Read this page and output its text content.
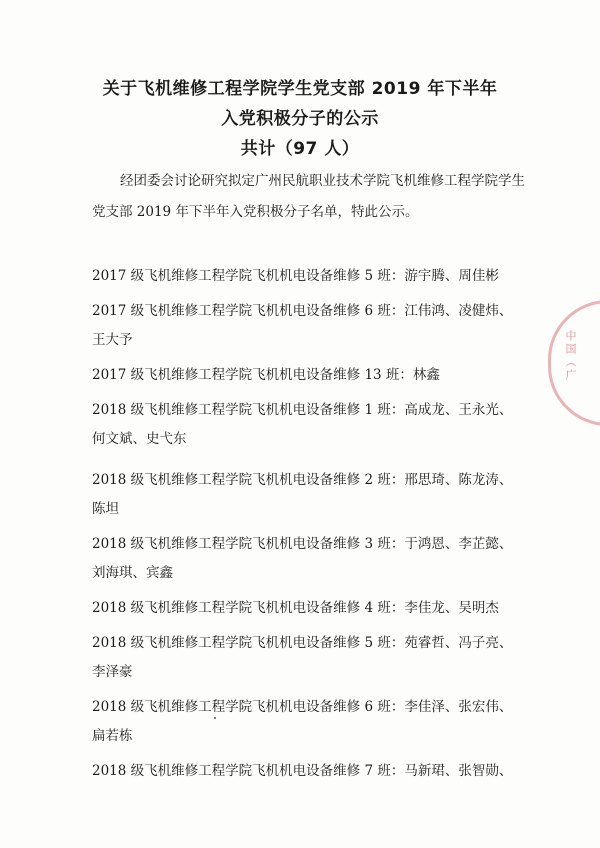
关于飞机维修工程学院学生党支部 2019 年下半年
入党积极分子的公示
共计（97 人）
经团委会讨论研究拟定广州民航职业技术学院飞机维修工程学院学生党支部 2019 年下半年入党积极分子名单，特此公示。
2017 级飞机维修工程学院飞机机电设备维修 5 班：游宇腾、周佳彬
2017 级飞机维修工程学院飞机机电设备维修 6 班：江伟鸿、凌健炜、王大予
2017 级飞机维修工程学院飞机机电设备维修 13 班：林鑫
2018 级飞机维修工程学院飞机机电设备维修 1 班：高成龙、王永光、何文斌、史弋东
2018 级飞机维修工程学院飞机机电设备维修 2 班：邢思琦、陈龙涛、陈坦
2018 级飞机维修工程学院飞机机电设备维修 3 班：于鸿恩、李芷懿、刘海琪、宾鑫
2018 级飞机维修工程学院飞机机电设备维修 4 班：李佳龙、吴明杰
2018 级飞机维修工程学院飞机机电设备维修 5 班：苑睿哲、冯子亮、李泽豪
2018 级飞机维修工程学院飞机机电设备维修 6 班：李佳泽、张宏伟、扁若栋
2018 级飞机维修工程学院飞机机电设备维修 7 班：马新珺、张智勋、
中国（广
